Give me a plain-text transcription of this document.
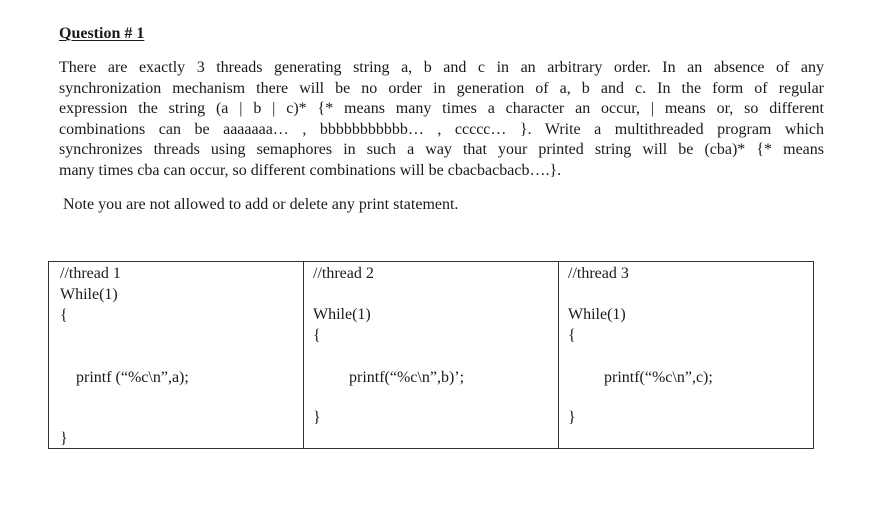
Question # 1
There are exactly 3 threads generating string a, b and c in an arbitrary order. In an absence of any
synchronization mechanism there will be no order in generation of a, b and c. In the form of regular
expression the string (a | b | c)* {* means many times a character an occur, | means or, so different
combinations can be aaaaaaa… , bbbbbbbbbbb… , ccccc… }. Write a multithreaded program which
synchronizes threads using semaphores in such a way that your printed string will be (cba)* {* means
many times cba can occur, so different combinations will be cbacbacbacb….}.
Note you are not allowed to add or delete any print statement.
//thread 1
While(1)
{
printf (“%c\n”,a);
}
//thread 2
While(1)
{
printf(“%c\n”,b)’;
}
//thread 3
While(1)
{
printf(“%c\n”,c);
}
